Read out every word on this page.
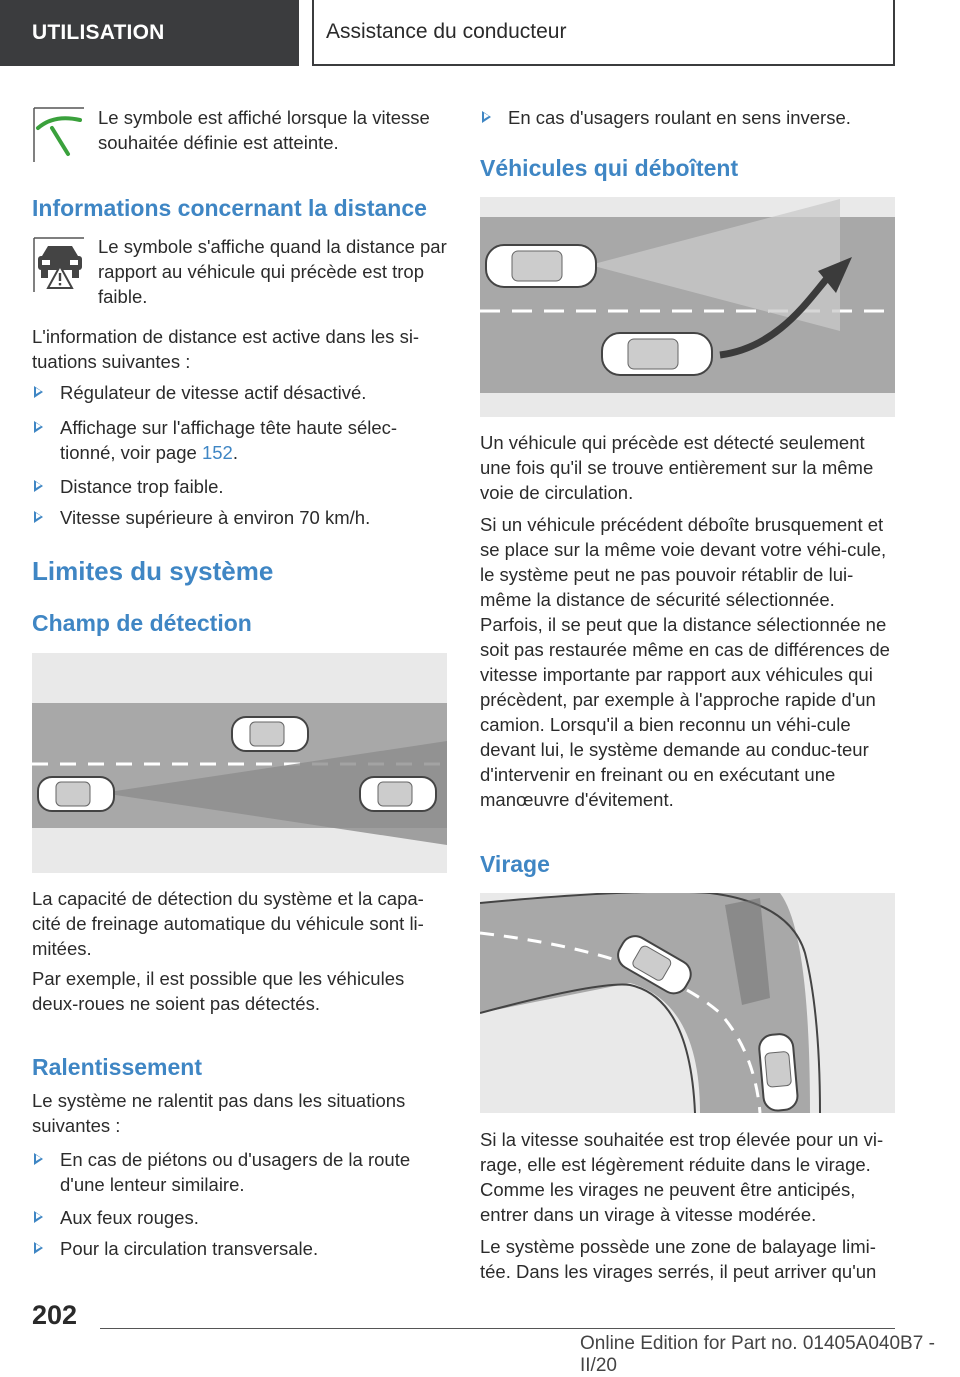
UTILISATION	Assistance du conducteur

Le symbole est affiché lorsque la vitesse souhaitée définie est atteinte.

Informations concernant la distance

Le symbole s'affiche quand la distance par rapport au véhicule qui précède est trop faible.

L'information de distance est active dans les si-tuations suivantes :

Régulateur de vitesse actif désactivé.
Affichage sur l'affichage tête haute sélec-tionné, voir page 152.
Distance trop faible.
Vitesse supérieure à environ 70 km/h.
Limites du système
Champ de détection

La capacité de détection du système et la capa-cité de freinage automatique du véhicule sont li-mitées.

Par exemple, il est possible que les véhicules deux-roues ne soient pas détectés.

Ralentissement

Le système ne ralentit pas dans les situations suivantes :

En cas de piétons ou d'usagers de la route d'une lenteur similaire.
Aux feux rouges.
Pour la circulation transversale.
En cas d'usagers roulant en sens inverse.
Véhicules qui déboîtent

Un véhicule qui précède est détecté seulement une fois qu'il se trouve entièrement sur la même voie de circulation.

Si un véhicule précédent déboîte brusquement et se place sur la même voie devant votre véhi-cule, le système peut ne pas pouvoir rétablir de lui-même la distance de sécurité sélectionnée. Parfois, il se peut que la distance sélectionnée ne soit pas restaurée même en cas de différences de vitesse importante par rapport aux véhicules qui précèdent, par exemple à l'approche rapide d'un camion. Lorsqu'il a bien reconnu un véhi-cule devant lui, le système demande au conduc-teur d'intervenir en freinant ou en exécutant une manœuvre d'évitement.

Virage

Si la vitesse souhaitée est trop élevée pour un vi-rage, elle est légèrement réduite dans le virage. Comme les virages ne peuvent être anticipés, entrer dans un virage à vitesse modérée.

Le système possède une zone de balayage limi-tée. Dans les virages serrés, il peut arriver qu'un

202
Online Edition for Part no. 01405A040B7 - II/20
